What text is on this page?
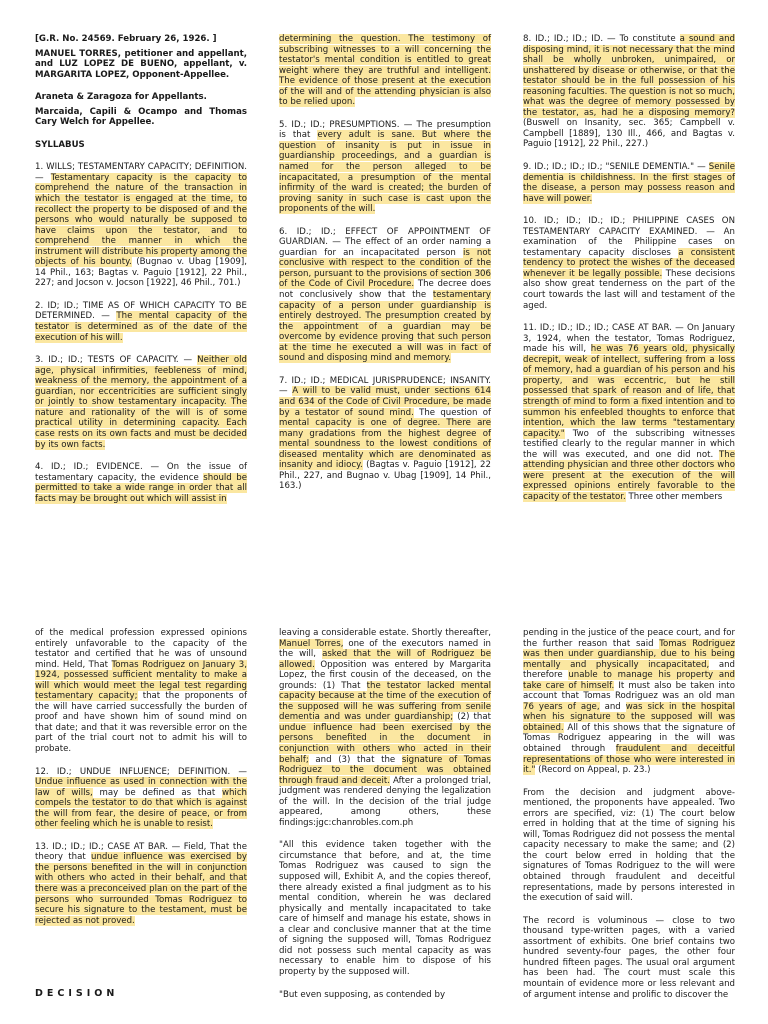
[G.R. No. 24569. February 26, 1926. ]

MANUEL TORRES, petitioner and appellant, and LUZ LOPEZ DE BUENO, appellant, v. MARGARITA LOPEZ, Opponent-Appellee.

Araneta & Zaragoza for Appellants.

Marcaida, Capili & Ocampo and Thomas Cary Welch for Appellee.

SYLLABUS

1. WILLS; TESTAMENTARY CAPACITY; DEFINITION. — Testamentary capacity is the capacity to comprehend the nature of the transaction in which the testator is engaged at the time, to recollect the property to be disposed of and the persons who would naturally be supposed to have claims upon the testator, and to comprehend the manner in which the instrument will distribute his property among the objects of his bounty. (Bugnao v. Ubag [1909], 14 Phil., 163; Bagtas v. Paguio [1912], 22 Phil., 227; and Jocson v. Jocson [1922], 46 Phil., 701.)

2. ID; ID.; TIME AS OF WHICH CAPACITY TO BE DETERMINED. — The mental capacity of the testator is determined as of the date of the execution of his will.

3. ID.; ID.; TESTS OF CAPACITY. — Neither old age, physical infirmities, feebleness of mind, weakness of the memory, the appointment of a guardian, nor eccentricities are sufficient singly or jointly to show testamentary incapacity. The nature and rationality of the will is of some practical utility in determining capacity. Each case rests on its own facts and must be decided by its own facts.

4. ID.; ID.; EVIDENCE. — On the issue of testamentary capacity, the evidence should be permitted to take a wide range in order that all facts may be brought out which will assist in

determining the question. The testimony of subscribing witnesses to a will concerning the testator's mental condition is entitled to great weight where they are truthful and intelligent. The evidence of those present at the execution of the will and of the attending physician is also to be relied upon.

5. ID.; ID.; PRESUMPTIONS. — The presumption is that every adult is sane. But where the question of insanity is put in issue in guardianship proceedings, and a guardian is named for the person alleged to be incapacitated, a presumption of the mental infirmity of the ward is created; the burden of proving sanity in such case is cast upon the proponents of the will.

6. ID.; ID.; EFFECT OF APPOINTMENT OF GUARDIAN. — The effect of an order naming a guardian for an incapacitated person is not conclusive with respect to the condition of the person, pursuant to the provisions of section 306 of the Code of Civil Procedure. The decree does not conclusively show that the testamentary capacity of a person under guardianship is entirely destroyed. The presumption created by the appointment of a guardian may be overcome by evidence proving that such person at the time he executed a will was in fact of sound and disposing mind and memory.

7. ID.; ID.; MEDICAL JURISPRUDENCE; INSANITY. — A will to be valid must, under sections 614 and 634 of the Code of Civil Procedure, be made by a testator of sound mind. The question of mental capacity is one of degree. There are many gradations from the highest degree of mental soundness to the lowest conditions of diseased mentality which are denominated as insanity and idiocy. (Bagtas v. Paguio [1912], 22 Phil., 227, and Bugnao v. Ubag [1909], 14 Phil., 163.)

8. ID.; ID.; ID.; ID. — To constitute a sound and disposing mind, it is not necessary that the mind shall be wholly unbroken, unimpaired, or unshattered by disease or otherwise, or that the testator should be in the full possession of his reasoning faculties. The question is not so much, what was the degree of memory possessed by the testator, as, had he a disposing memory? (Buswell on Insanity, sec. 365; Campbell v. Campbell [1889], 130 Ill., 466, and Bagtas v. Paguio [1912], 22 Phil., 227.)

9. ID.; ID.; ID.; ID.; "SENILE DEMENTIA." — Senile dementia is childishness. In the first stages of the disease, a person may possess reason and have will power.

10. ID.; ID.; ID.; ID.; PHILIPPINE CASES ON TESTAMENTARY CAPACITY EXAMINED. — An examination of the Philippine cases on testamentary capacity discloses a consistent tendency to protect the wishes of the deceased whenever it be legally possible. These decisions also show great tenderness on the part of the court towards the last will and testament of the aged.

11. ID.; ID.; ID.; ID.; CASE AT BAR. — On January 3, 1924, when the testator, Tomas Rodriguez, made his will, he was 76 years old, physically decrepit, weak of intellect, suffering from a loss of memory, had a guardian of his person and his property, and was eccentric, but he still possessed that spark of reason and of life, that strength of mind to form a fixed intention and to summon his enfeebled thoughts to enforce that intention, which the law terms "testamentary capacity." Two of the subscribing witnesses testified clearly to the regular manner in which the will was executed, and one did not. The attending physician and three other doctors who were present at the execution of the will expressed opinions entirely favorable to the capacity of the testator. Three other members

of the medical profession expressed opinions entirely unfavorable to the capacity of the testator and certified that he was of unsound mind. Held, That Tomas Rodriguez on January 3, 1924, possessed sufficient mentality to make a will which would meet the legal test regarding testamentary capacity; that the proponents of the will have carried successfully the burden of proof and have shown him of sound mind on that date; and that it was reversible error on the part of the trial court not to admit his will to probate.

12. ID.; UNDUE INFLUENCE; DEFINITION. — Undue influence as used in connection with the law of wills, may be defined as that which compels the testator to do that which is against the will from fear, the desire of peace, or from other feeling which he is unable to resist.

13. ID.; ID.; ID.; CASE AT BAR. — Field, That the theory that undue influence was exercised by the persons benefited in the will in conjunction with others who acted in their behalf, and that there was a preconceived plan on the part of the persons who surrounded Tomas Rodriguez to secure his signature to the testament, must be rejected as not proved.

leaving a considerable estate. Shortly thereafter, Manuel Torres, one of the executors named in the will, asked that the will of Rodriguez be allowed. Opposition was entered by Margarita Lopez, the first cousin of the deceased, on the grounds: (1) That the testator lacked mental capacity because at the time of the execution of the supposed will he was suffering from senile dementia and was under guardianship; (2) that undue influence had been exercised by the persons benefited in the document in conjunction with others who acted in their behalf; and (3) that the signature of Tomas Rodriguez to the document was obtained through fraud and deceit. After a prolonged trial, judgment was rendered denying the legalization of the will. In the decision of the trial judge appeared, among others, these findings:jgc:chanrobles.com.ph

"All this evidence taken together with the circumstance that before, and at, the time Tomas Rodriguez was caused to sign the supposed will, Exhibit A, and the copies thereof, there already existed a final judgment as to his mental condition, wherein he was declared physically and mentally incapacitated to take care of himself and manage his estate, shows in a clear and conclusive manner that at the time of signing the supposed will, Tomas Rodriguez did not possess such mental capacity as was necessary to enable him to dispose of his property by the supposed will.

"But even supposing, as contended by

pending in the justice of the peace court, and for the further reason that said Tomas Rodriguez was then under guardianship, due to his being mentally and physically incapacitated, and therefore unable to manage his property and take care of himself. It must also be taken into account that Tomas Rodriguez was an old man 76 years of age, and was sick in the hospital when his signature to the supposed will was obtained. All of this shows that the signature of Tomas Rodriguez appearing in the will was obtained through fraudulent and deceitful representations of those who were interested in it." (Record on Appeal, p. 23.)

From the decision and judgment above-mentioned, the proponents have appealed. Two errors are specified, viz: (1) The court below erred in holding that at the time of signing his will, Tomas Rodriguez did not possess the mental capacity necessary to make the same; and (2) the court below erred in holding that the signatures of Tomas Rodriguez to the will were obtained through fraudulent and deceitful representations, made by persons interested in the execution of said will.

The record is voluminous — close to two thousand type-written pages, with a varied assortment of exhibits. One brief contains two hundred seventy-four pages, the other four hundred fifteen pages. The usual oral argument has been had. The court must scale this mountain of evidence more or less relevant and of argument intense and prolific to discover the

DECISION
